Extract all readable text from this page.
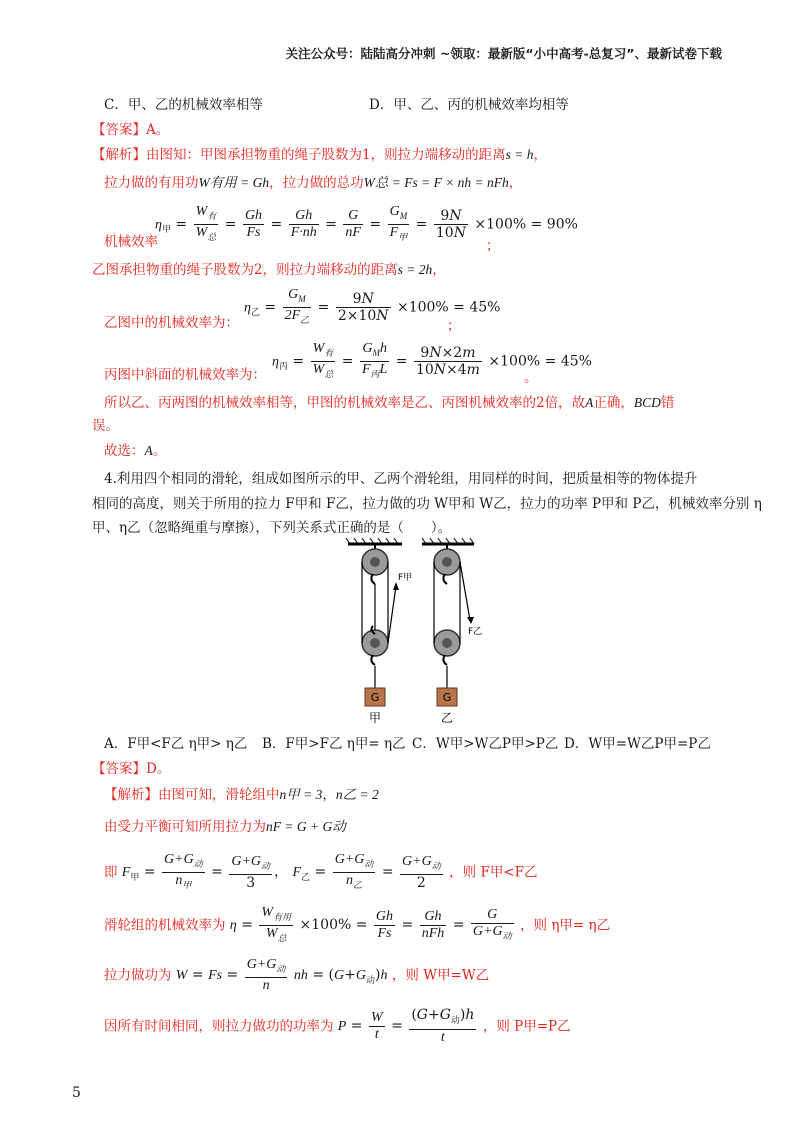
关注公众号：陆陆高分冲刺 ~领取：最新版“小中高考-总复习”、最新试卷下载
C．甲、乙的机械效率相等	D．甲、乙、丙的机械效率均相等
【答案】A。
【解析】由图知：甲图承担物重的绳子股数为1，则拉力端移动的距离s = h，
拉力做的有用功W有用 = Gh，拉力做的总功W总 = Fs = F × nh = nFh，
$\eta_甲 = \frac{W_有}{W_总} = \frac{Gh}{Fs} = \frac{Gh}{F\cdot nh} = \frac{G}{nF} = \frac{G_M}{F_甲} = \frac{9N}{10N} \times 100\% = 90\%$
机械效率	；
乙图承担物重的绳子股数为2，则拉力端移动的距离s = 2h，
$\eta_乙 = \frac{G_M}{2F_乙} = \frac{9N}{2\times 10N} \times 100\% = 45\%$
乙图中的机械效率为：	；
$\eta_丙 = \frac{W_有}{W_总} = \frac{G_Mh}{F_丙L} = \frac{9N\times 2m}{10N\times 4m} \times 100\% = 45\%$
丙图中斜面的机械效率为：	。
所以乙、丙两图的机械效率相等，甲图的机械效率是乙、丙图机械效率的2倍，故A正确，BCD错
误。
故选：A。
4.利用四个相同的滑轮，组成如图所示的甲、乙两个滑轮组，用同样的时间，把质量相等的物体提升
相同的高度，则关于所用的拉力 F甲和 F乙，拉力做的功 W甲和 W乙，拉力的功率 P甲和 P乙，机械效率分别 η
甲、η乙（忽略绳重与摩擦），下列关系式正确的是（　　）。
G
F甲
甲
G
F乙
乙
A．F甲<F乙 η甲> η乙 B．F甲>F乙 η甲= η乙 C．W甲>W乙P甲>P乙 D．W甲=W乙P甲=P乙
【答案】D。
【解析】由图可知，滑轮组中n甲 = 3，n乙 = 2
由受力平衡可知所用拉力为nF = G + G动
即 $F_甲 = \frac{G+G_动}{n_甲} = \frac{G+G_动}{3}$ ， $F_乙 = \frac{G+G_动}{n_乙} = \frac{G+G_动}{2}$ ，则 F甲<F乙
滑轮组的机械效率为 $\eta = \frac{W_{有用}}{W_总} \times 100\% = \frac{Gh}{Fs} = \frac{Gh}{\text{nFh}} = \frac{G}{G+G_动}$ ，则 η甲= η乙
拉力做功为 $W = Fs = \frac{G+G_动}{n}$ nh = $(G+G_动)h$ ，则 W甲=W乙
因所有时间相同，则拉力做功的功率为 $P = \frac{W}{t} = \frac{(G+G_动)h}{t}$ ，则 P甲=P乙
5
